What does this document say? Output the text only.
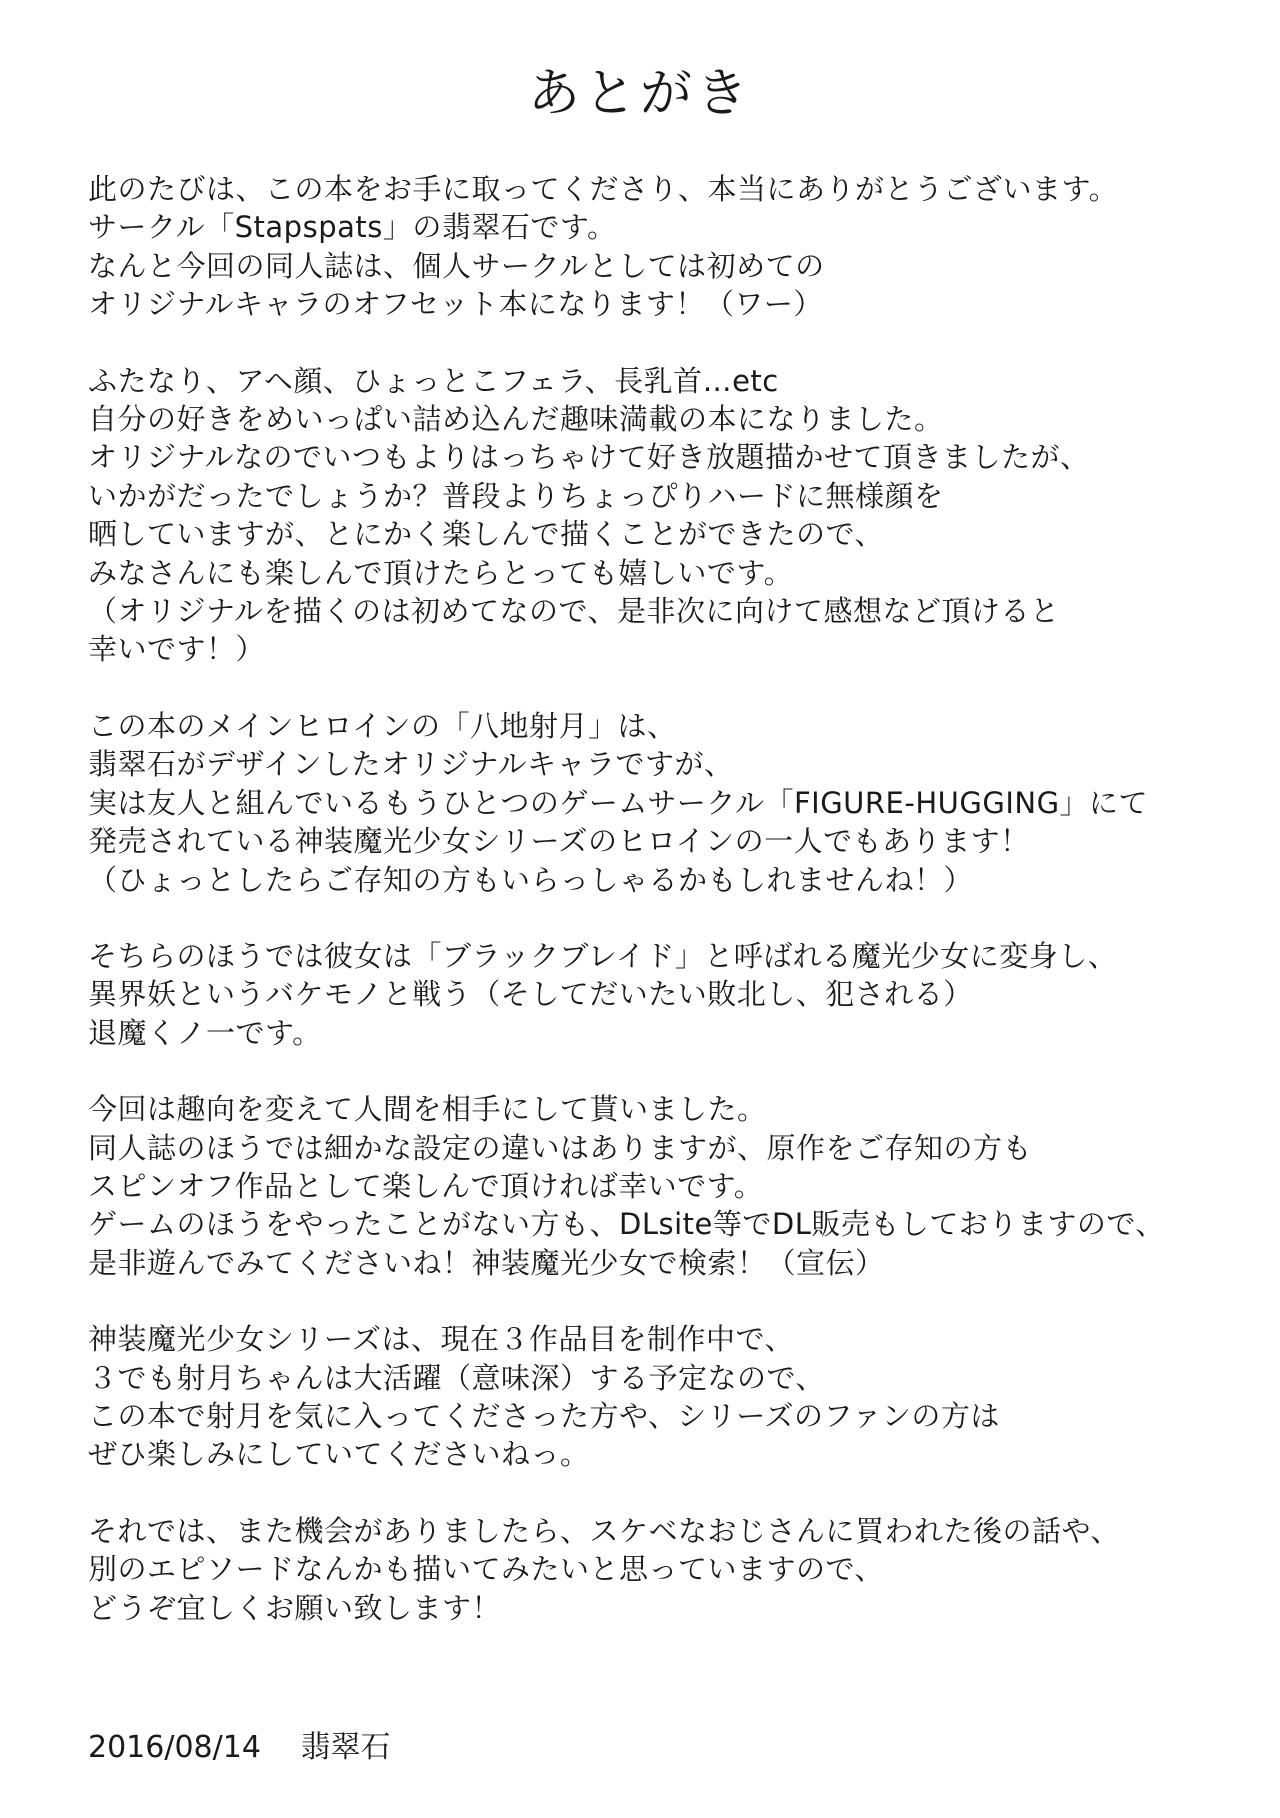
あとがき

此のたびは、この本をお手に取ってくださり、本当にありがとうございます。
サークル「Stapspats」の翡翠石です。
なんと今回の同人誌は、個人サークルとしては初めての
オリジナルキャラのオフセット本になります！（ワー）

ふたなり、アヘ顔、ひょっとこフェラ、長乳首…etc
自分の好きをめいっぱい詰め込んだ趣味満載の本になりました。
オリジナルなのでいつもよりはっちゃけて好き放題描かせて頂きましたが、
いかがだったでしょうか？普段よりちょっぴりハードに無様顔を
晒していますが、とにかく楽しんで描くことができたので、
みなさんにも楽しんで頂けたらとっても嬉しいです。
（オリジナルを描くのは初めてなので、是非次に向けて感想など頂けると
幸いです！）

この本のメインヒロインの「八地射月」は、
翡翠石がデザインしたオリジナルキャラですが、
実は友人と組んでいるもうひとつのゲームサークル「FIGURE-HUGGING」にて
発売されている神装魔光少女シリーズのヒロインの一人でもあります！
（ひょっとしたらご存知の方もいらっしゃるかもしれませんね！）

そちらのほうでは彼女は「ブラックブレイド」と呼ばれる魔光少女に変身し、
異界妖というバケモノと戦う（そしてだいたい敗北し、犯される）
退魔くノ一です。

今回は趣向を変えて人間を相手にして貰いました。
同人誌のほうでは細かな設定の違いはありますが、原作をご存知の方も
スピンオフ作品として楽しんで頂ければ幸いです。
ゲームのほうをやったことがない方も、DLsite等でDL販売もしておりますので、
是非遊んでみてくださいね！神装魔光少女で検索！（宣伝）

神装魔光少女シリーズは、現在３作品目を制作中で、
３でも射月ちゃんは大活躍（意味深）する予定なので、
この本で射月を気に入ってくださった方や、シリーズのファンの方は
ぜひ楽しみにしていてくださいねっ。

それでは、また機会がありましたら、スケベなおじさんに買われた後の話や、
別のエピソードなんかも描いてみたいと思っていますので、
どうぞ宜しくお願い致します！

2016/08/14 翡翠石
